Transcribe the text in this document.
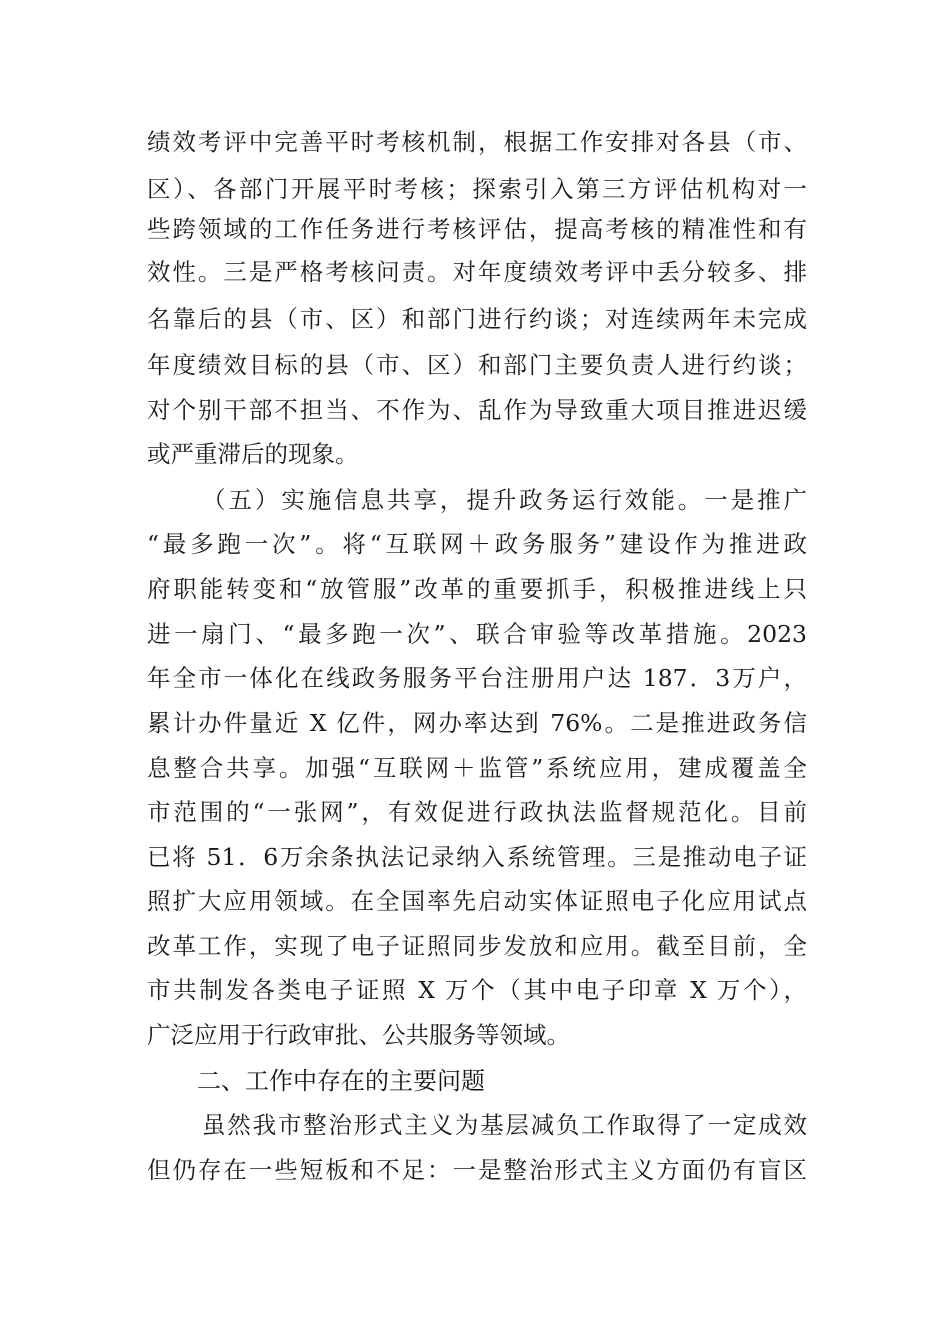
绩效考评中完善平时考核机制，根据工作安排对各县（市、
区）、各部门开展平时考核；探索引入第三方评估机构对一
些跨领域的工作任务进行考核评估，提高考核的精准性和有
效性。三是严格考核问责。对年度绩效考评中丢分较多、排
名靠后的县（市、区）和部门进行约谈；对连续两年未完成
年度绩效目标的县（市、区）和部门主要负责人进行约谈；
对个别干部不担当、不作为、乱作为导致重大项目推进迟缓
或严重滞后的现象。
（五）实施信息共享，提升政务运行效能。一是推广
“最多跑一次”。将“互联网＋政务服务”建设作为推进政
府职能转变和“放管服”改革的重要抓手，积极推进线上只
进一扇门、“最多跑一次”、联合审验等改革措施。2023
年全市一体化在线政务服务平台注册用户达 187．3万户，
累计办件量近 X 亿件，网办率达到 76%。二是推进政务信
息整合共享。加强“互联网＋监管”系统应用，建成覆盖全
市范围的“一张网”，有效促进行政执法监督规范化。目前
已将 51．6万余条执法记录纳入系统管理。三是推动电子证
照扩大应用领域。在全国率先启动实体证照电子化应用试点
改革工作，实现了电子证照同步发放和应用。截至目前，全
市共制发各类电子证照 X 万个（其中电子印章 X 万个），
广泛应用于行政审批、公共服务等领域。
二、工作中存在的主要问题
虽然我市整治形式主义为基层减负工作取得了一定成效
但仍存在一些短板和不足：一是整治形式主义方面仍有盲区
